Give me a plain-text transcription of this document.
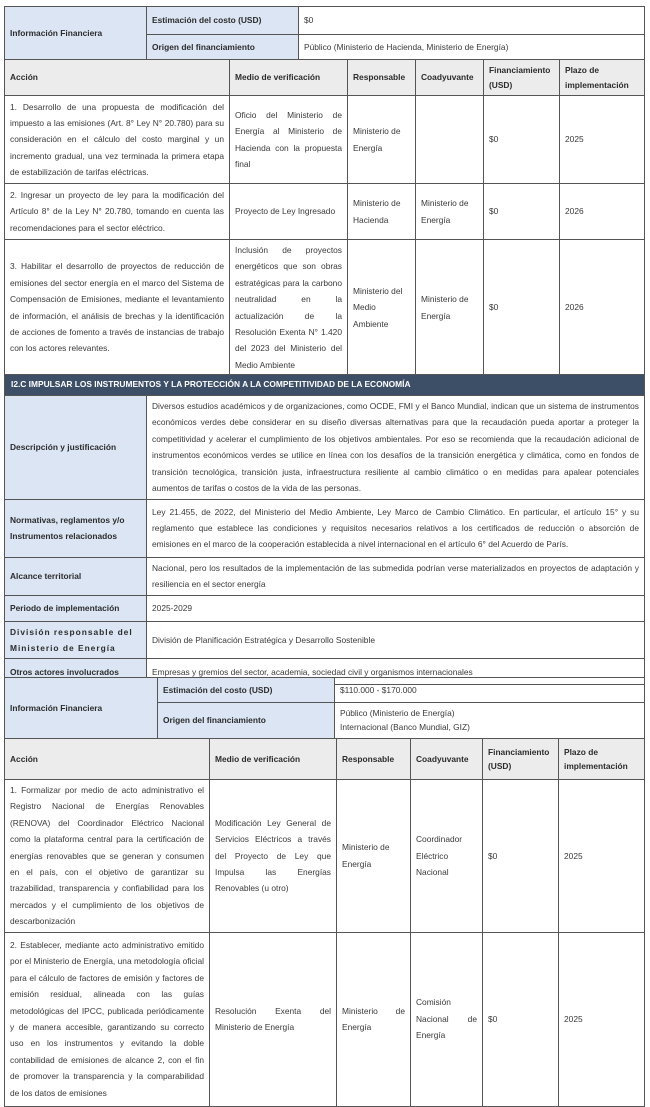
Información Financiera	Estimación del costo (USD)	$0
	Origen del financiamiento	Público (Ministerio de Hacienda, Ministerio de Energía)
Acción	Medio de verificación	Responsable	Coadyuvante	Financiamiento (USD)	Plazo de implementación
1. Desarrollo de una propuesta de modificación del impuesto a las emisiones (Art. 8° Ley N° 20.780) para su consideración en el cálculo del costo marginal y un incremento gradual, una vez terminada la primera etapa de estabilización de tarifas eléctricas.	Oficio del Ministerio de Energía al Ministerio de Hacienda con la propuesta final	Ministerio de Energía		$0	2025
2. Ingresar un proyecto de ley para la modificación del Artículo 8° de la Ley N° 20.780, tomando en cuenta las recomendaciones para el sector eléctrico.	Proyecto de Ley Ingresado	Ministerio de Hacienda	Ministerio de Energía	$0	2026
3. Habilitar el desarrollo de proyectos de reducción de emisiones del sector energía en el marco del Sistema de Compensación de Emisiones, mediante el levantamiento de información, el análisis de brechas y la identificación de acciones de fomento a través de instancias de trabajo con los actores relevantes.	Inclusión de proyectos energéticos que son obras estratégicas para la carbono neutralidad en la actualización de la Resolución Exenta N° 1.420 del 2023 del Ministerio del Medio Ambiente	Ministerio del Medio Ambiente	Ministerio de Energía	$0	2026
I2.C IMPULSAR LOS INSTRUMENTOS Y LA PROTECCIÓN A LA COMPETITIVIDAD DE LA ECONOMÍA	
Descripción y justificación	Diversos estudios académicos y de organizaciones, como OCDE, FMI y el Banco Mundial, indican que un sistema de instrumentos económicos verdes debe considerar en su diseño diversas alternativas para que la recaudación pueda aportar a proteger la competitividad y acelerar el cumplimiento de los objetivos ambientales. Por eso se recomienda que la recaudación adicional de instrumentos económicos verdes se utilice en línea con los desafíos de la transición energética y climática, como en fondos de transición tecnológica, transición justa, infraestructura resiliente al cambio climático o en medidas para apalear potenciales aumentos de tarifas o costos de la vida de las personas.
Normativas, reglamentos y/o Instrumentos relacionados	Ley 21.455, de 2022, del Ministerio del Medio Ambiente, Ley Marco de Cambio Climático. En particular, el artículo 15° y su reglamento que establece las condiciones y requisitos necesarios relativos a los certificados de reducción o absorción de emisiones en el marco de la cooperación establecida a nivel internacional en el artículo 6° del Acuerdo de París.
Alcance territorial	Nacional, pero los resultados de la implementación de las submedida podrían verse materializados en proyectos de adaptación y resiliencia en el sector energía
Periodo de implementación	2025-2029
División responsable del Ministerio de Energía	División de Planificación Estratégica y Desarrollo Sostenible
Otros actores involucrados	Empresas y gremios del sector, academia, sociedad civil y organismos internacionales
Información Financiera	Estimación del costo (USD)	$110.000 - $170.000
	Origen del financiamiento	Público (Ministerio de Energía)
Internacional (Banco Mundial, GIZ)
Acción	Medio de verificación	Responsable	Coadyuvante	Financiamiento (USD)	Plazo de implementación
1. Formalizar por medio de acto administrativo el Registro Nacional de Energías Renovables (RENOVA) del Coordinador Eléctrico Nacional como la plataforma central para la certificación de energías renovables que se generan y consumen en el país, con el objetivo de garantizar su trazabilidad, transparencia y confiabilidad para los mercados y el cumplimiento de los objetivos de descarbonización	Modificación Ley General de Servicios Eléctricos a través del Proyecto de Ley que Impulsa las Energías Renovables (u otro)	Ministerio de Energía	Coordinador Eléctrico Nacional	$0	2025
2. Establecer, mediante acto administrativo emitido por el Ministerio de Energía, una metodología oficial para el cálculo de factores de emisión y factores de emisión residual, alineada con las guías metodológicas del IPCC, publicada periódicamente y de manera accesible, garantizando su correcto uso en los instrumentos y evitando la doble contabilidad de emisiones de alcance 2, con el fin de promover la transparencia y la comparabilidad de los datos de emisiones	Resolución Exenta del Ministerio de Energía	Ministerio de Energía	Comisión Nacional de Energía	$0	2025
